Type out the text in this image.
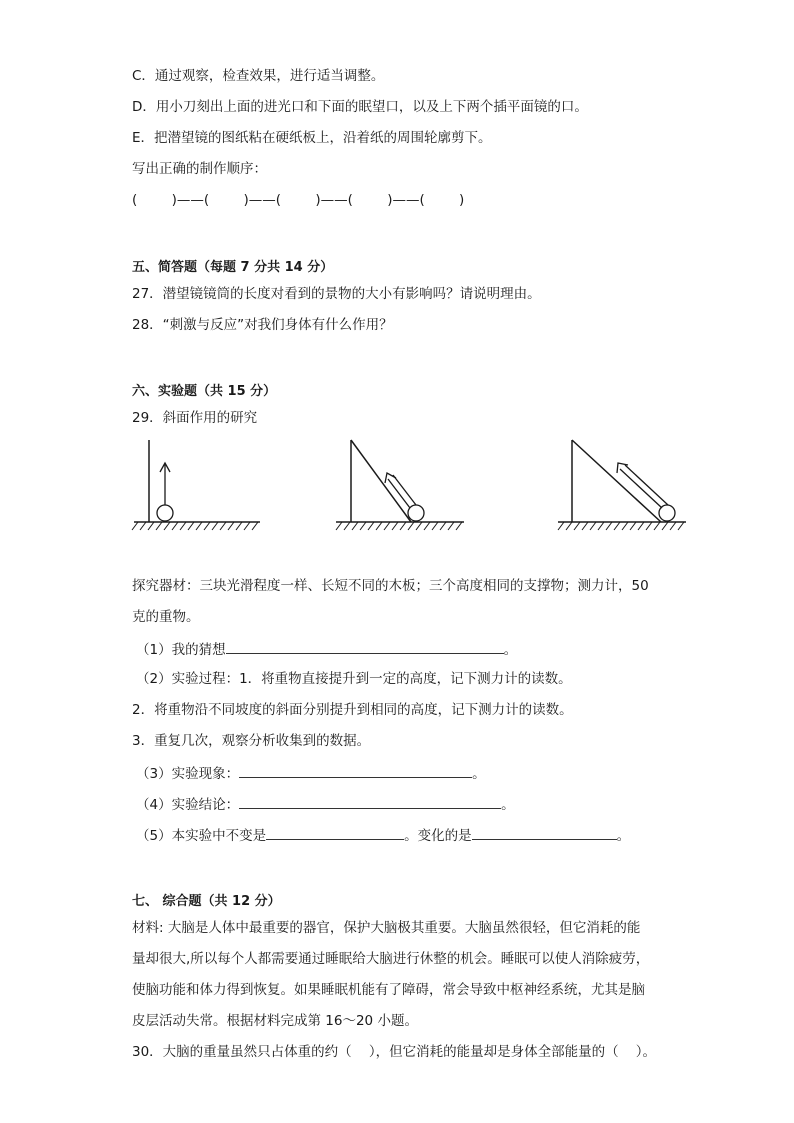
C．通过观察，检查效果，进行适当调整。
D．用小刀刻出上面的进光口和下面的眠望口，以及上下两个插平面镜的口。
E．把潜望镜的图纸粘在硬纸板上，沿着纸的周围轮廓剪下。
写出正确的制作顺序：
(        )——(        )——(        )——(        )——(        )
五、简答题（每题 7 分共 14 分）
27．潜望镜镜筒的长度对看到的景物的大小有影响吗？请说明理由。
28．“刺激与反应”对我们身体有什么作用？
六、实验题（共 15 分）
29．斜面作用的研究
探究器材：三块光滑程度一样、长短不同的木板；三个高度相同的支撑物；测力计，50
克的重物。
（1）我的猜想	。
（2）实验过程：1．将重物直接提升到一定的高度，记下测力计的读数。
2．将重物沿不同坡度的斜面分别提升到相同的高度，记下测力计的读数。
3．重复几次，观察分析收集到的数据。
（3）实验现象：	。
（4）实验结论：	。
（5）本实验中不变是	。变化的是	。
七、 综合题（共 12 分）
材料: 大脑是人体中最重要的器官，保护大脑极其重要。大脑虽然很轻，但它消耗的能
量却很大,所以每个人都需要通过睡眠给大脑进行休整的机会。睡眠可以使人消除疲劳，
使脑功能和体力得到恢复。如果睡眠机能有了障碍，常会导致中枢神经系统，尤其是脑
皮层活动失常。根据材料完成第 16～20 小题。
30．大脑的重量虽然只占体重的约（    ），但它消耗的能量却是身体全部能量的（    ）。
